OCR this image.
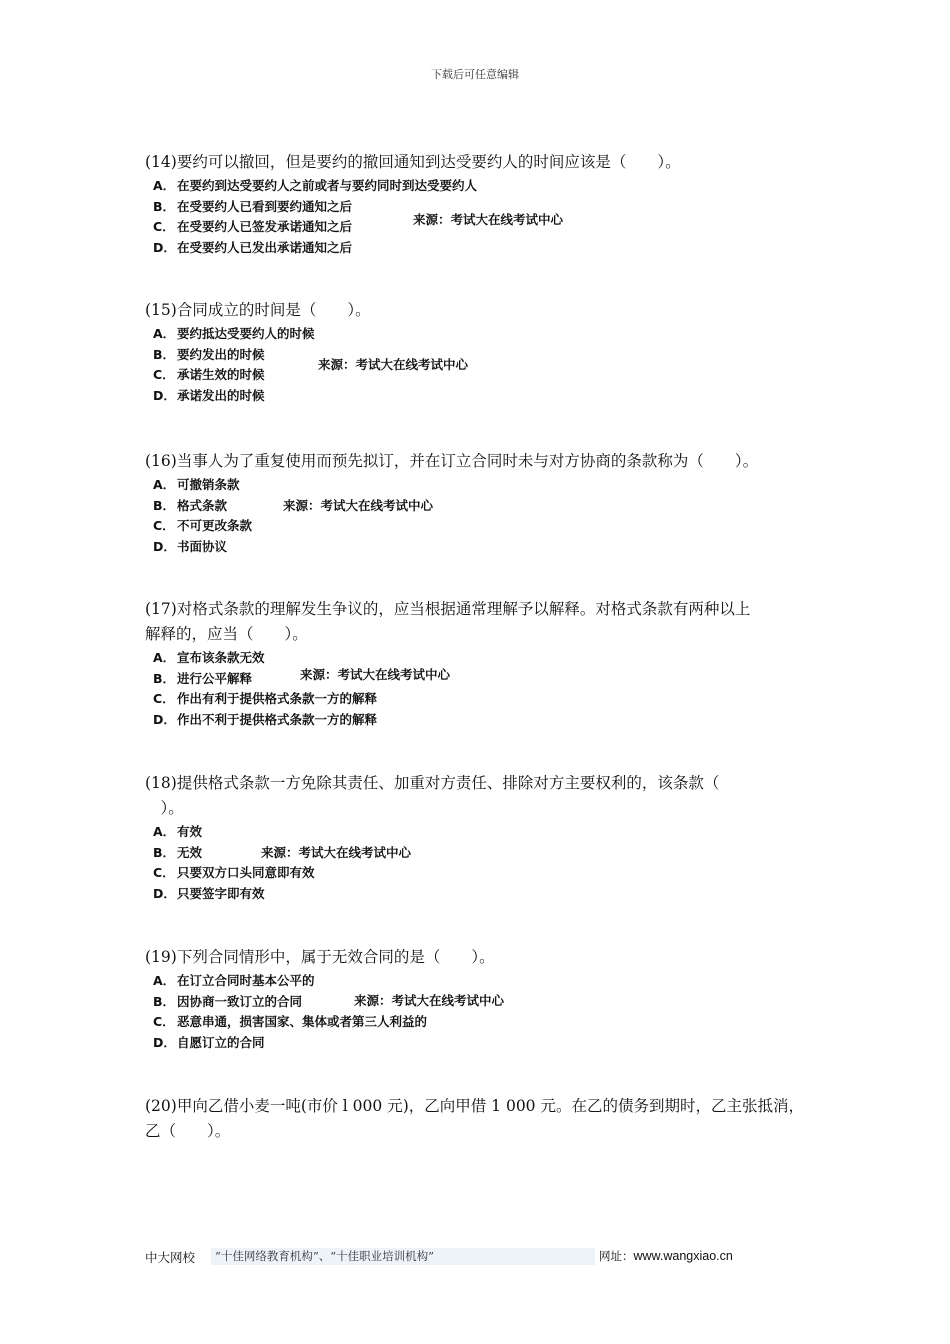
下载后可任意编辑

(14)要约可以撤回，但是要约的撤回通知到达受要约人的时间应该是（　　）。

A． 在要约到达受要约人之前或者与要约同时到达受要约人
B． 在受要约人已看到要约通知之后
C． 在受要约人已签发承诺通知之后
D．在受要约人已发出承诺通知之后
来源：考试大在线考试中心

(15)合同成立的时间是（　　）。

A． 要约抵达受要约人的时候
B． 要约发出的时候
C． 承诺生效的时候
D．承诺发出的时候
来源：考试大在线考试中心

(16)当事人为了重复使用而预先拟订，并在订立合同时未与对方协商的条款称为（　　）。

A． 可撤销条款
B． 格式条款
C． 不可更改条款
D．书面协议
来源：考试大在线考试中心

(17)对格式条款的理解发生争议的，应当根据通常理解予以解释。对格式条款有两种以上
解释的，应当（　　）。

A． 宣布该条款无效
B． 进行公平解释
C． 作出有利于提供格式条款一方的解释
D．作出不利于提供格式条款一方的解释
来源：考试大在线考试中心

(18)提供格式条款一方免除其责任、加重对方责任、排除对方主要权利的，该条款（
　）。

A． 有效
B． 无效
C． 只要双方口头同意即有效
D．只要签字即有效
来源：考试大在线考试中心

(19)下列合同情形中，属于无效合同的是（　　）。

A． 在订立合同时基本公平的
B． 因协商一致订立的合同
C． 恶意串通，损害国家、集体或者第三人利益的
D．自愿订立的合同
来源：考试大在线考试中心

(20)甲向乙借小麦一吨(市价 l 000 元)，乙向甲借 1 000 元。在乙的债务到期时，乙主张抵消，
乙（　　）。

中大网校	“十佳网络教育机构”、“十佳职业培训机构”	网址：www.wangxiao.cn
